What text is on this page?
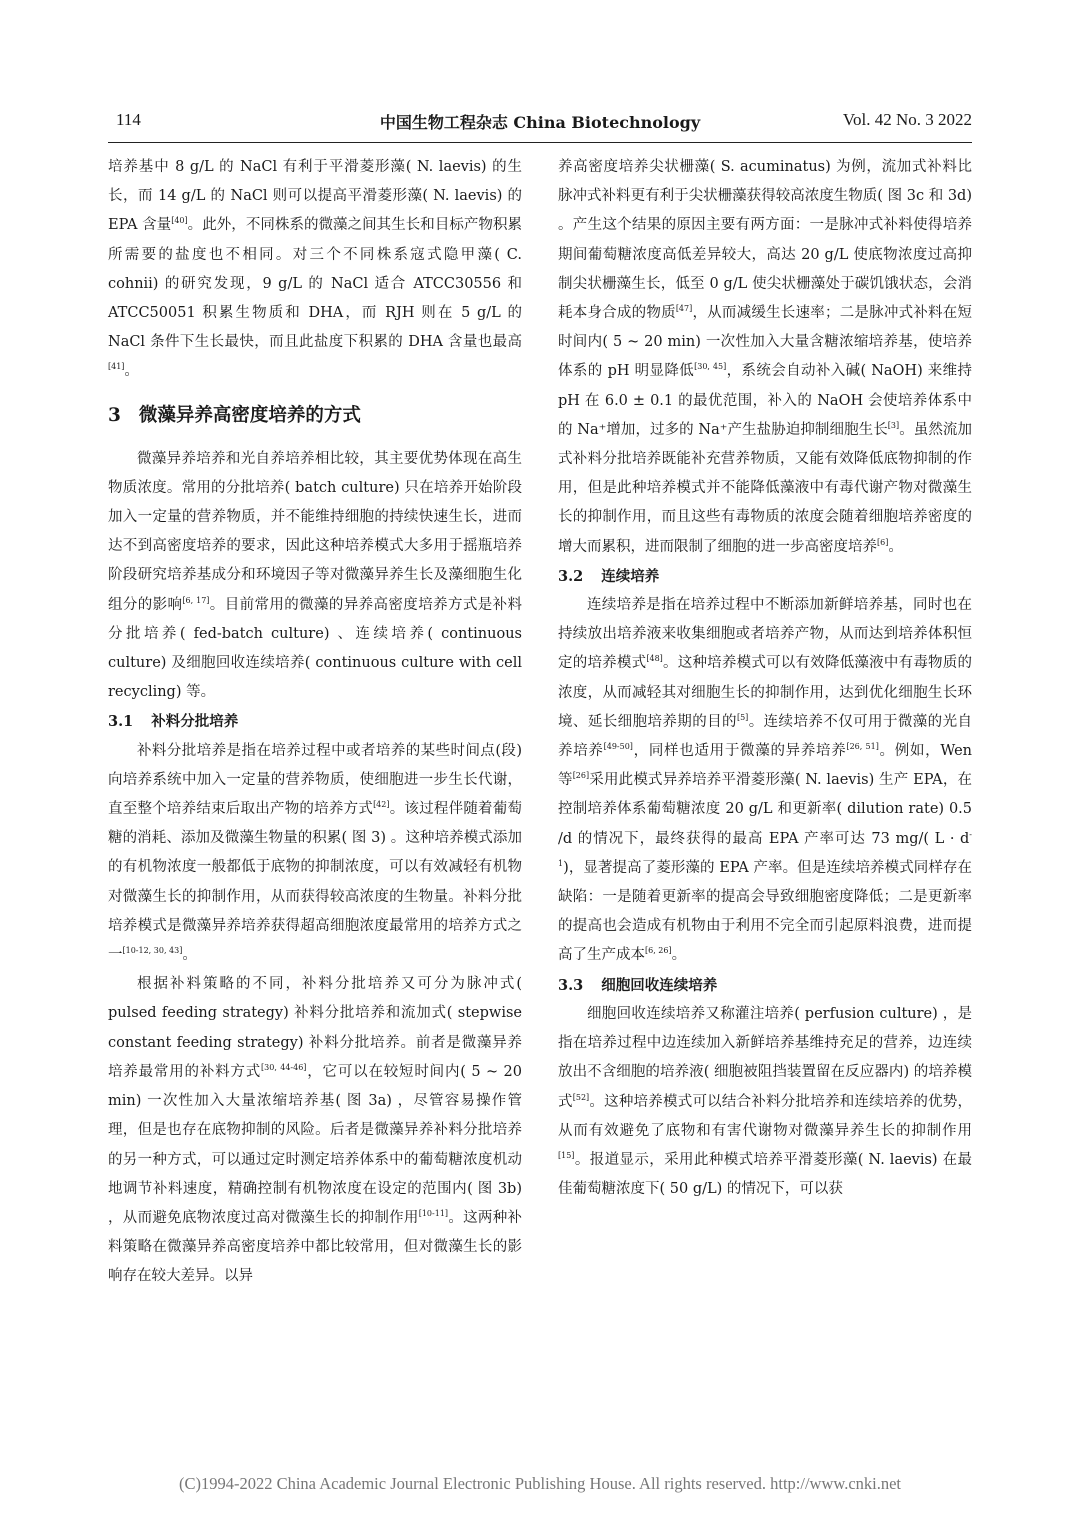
114	中国生物工程杂志 China Biotechnology	Vol. 42 No. 3 2022

培养基中 8 g/L 的 NaCl 有利于平滑菱形藻( N. laevis) 的生长，而 14 g/L 的 NaCl 则可以提高平滑菱形藻( N. laevis) 的 EPA 含量[40]。此外，不同株系的微藻之间其生长和目标产物积累所需要的盐度也不相同。对三个不同株系寇式隐甲藻( C. cohnii) 的研究发现，9 g/L 的 NaCl 适合 ATCC30556 和 ATCC50051 积累生物质和 DHA，而 RJH 则在 5 g/L 的 NaCl 条件下生长最快，而且此盐度下积累的 DHA 含量也最高[41]。

3 微藻异养高密度培养的方式

微藻异养培养和光自养培养相比较，其主要优势体现在高生物质浓度。常用的分批培养( batch culture) 只在培养开始阶段加入一定量的营养物质，并不能维持细胞的持续快速生长，进而达不到高密度培养的要求，因此这种培养模式大多用于摇瓶培养阶段研究培养基成分和环境因子等对微藻异养生长及藻细胞生化组分的影响[6, 17]。目前常用的微藻的异养高密度培养方式是补料分批培养( fed-batch culture) 、连续培养( continuous culture) 及细胞回收连续培养( continuous culture with cell recycling) 等。

3.1 补料分批培养

补料分批培养是指在培养过程中或者培养的某些时间点(段) 向培养系统中加入一定量的营养物质，使细胞进一步生长代谢，直至整个培养结束后取出产物的培养方式[42]。该过程伴随着葡萄糖的消耗、添加及微藻生物量的积累( 图 3) 。这种培养模式添加的有机物浓度一般都低于底物的抑制浓度，可以有效减轻有机物对微藻生长的抑制作用，从而获得较高浓度的生物量。补料分批培养模式是微藻异养培养获得超高细胞浓度最常用的培养方式之一[10-12, 30, 43]。

根据补料策略的不同，补料分批培养又可分为脉冲式( pulsed feeding strategy) 补料分批培养和流加式( stepwise constant feeding strategy) 补料分批培养。前者是微藻异养培养最常用的补料方式[30, 44-46]，它可以在较短时间内( 5 ~ 20 min) 一次性加入大量浓缩培养基( 图 3a) ，尽管容易操作管理，但是也存在底物抑制的风险。后者是微藻异养补料分批培养的另一种方式，可以通过定时测定培养体系中的葡萄糖浓度机动地调节补料速度，精确控制有机物浓度在设定的范围内( 图 3b) ，从而避免底物浓度过高对微藻生长的抑制作用[10-11]。这两种补料策略在微藻异养高密度培养中都比较常用，但对微藻生长的影响存在较大差异。以异

养高密度培养尖状栅藻( S. acuminatus) 为例，流加式补料比脉冲式补料更有利于尖状栅藻获得较高浓度生物质( 图 3c 和 3d) 。产生这个结果的原因主要有两方面：一是脉冲式补料使得培养期间葡萄糖浓度高低差异较大，高达 20 g/L 使底物浓度过高抑制尖状栅藻生长，低至 0 g/L 使尖状栅藻处于碳饥饿状态，会消耗本身合成的物质[47]，从而减缓生长速率；二是脉冲式补料在短时间内( 5 ~ 20 min) 一次性加入大量含糖浓缩培养基，使培养体系的 pH 明显降低[30, 45]，系统会自动补入碱( NaOH) 来维持 pH 在 6.0 ± 0.1 的最优范围，补入的 NaOH 会使培养体系中的 Na⁺增加，过多的 Na⁺产生盐胁迫抑制细胞生长[3]。虽然流加式补料分批培养既能补充营养物质，又能有效降低底物抑制的作用，但是此种培养模式并不能降低藻液中有毒代谢产物对微藻生长的抑制作用，而且这些有毒物质的浓度会随着细胞培养密度的增大而累积，进而限制了细胞的进一步高密度培养[6]。

3.2 连续培养

连续培养是指在培养过程中不断添加新鲜培养基，同时也在持续放出培养液来收集细胞或者培养产物，从而达到培养体积恒定的培养模式[48]。这种培养模式可以有效降低藻液中有毒物质的浓度，从而减轻其对细胞生长的抑制作用，达到优化细胞生长环境、延长细胞培养期的目的[5]。连续培养不仅可用于微藻的光自养培养[49-50]，同样也适用于微藻的异养培养[26, 51]。例如，Wen 等[26]采用此模式异养培养平滑菱形藻( N. laevis) 生产 EPA，在控制培养体系葡萄糖浓度 20 g/L 和更新率( dilution rate) 0.5 /d 的情况下，最终获得的最高 EPA 产率可达 73 mg/( $L \cdot d^{-1}$)，显著提高了菱形藻的 EPA 产率。但是连续培养模式同样存在缺陷：一是随着更新率的提高会导致细胞密度降低；二是更新率的提高也会造成有机物由于利用不完全而引起原料浪费，进而提高了生产成本[6, 26]。

3.3 细胞回收连续培养

细胞回收连续培养又称灌注培养( perfusion culture) ，是指在培养过程中边连续加入新鲜培养基维持充足的营养，边连续放出不含细胞的培养液( 细胞被阻挡装置留在反应器内) 的培养模式[52]。这种培养模式可以结合补料分批培养和连续培养的优势，从而有效避免了底物和有害代谢物对微藻异养生长的抑制作用[15]。报道显示，采用此种模式培养平滑菱形藻( N. laevis) 在最佳葡萄糖浓度下( 50 g/L) 的情况下，可以获

(C)1994-2022 China Academic Journal Electronic Publishing House. All rights reserved. http://www.cnki.net
